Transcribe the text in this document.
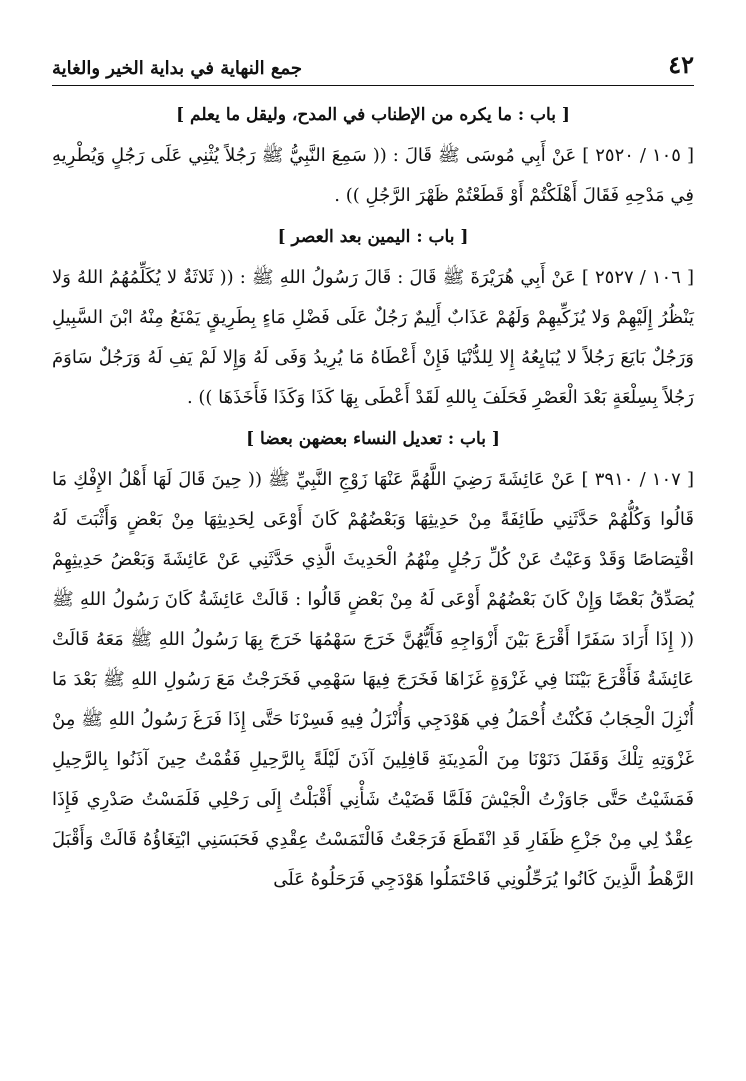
٤٢
جمع النهاية في بداية الخير والغاية
[ باب : ما يكره من الإطناب في المدح، وليقل ما يعلم ]

[ ١٠٥ / ٢٥٢٠ ] عَنْ أَبِي مُوسَى ﷺ قَالَ : (( سَمِعَ النَّبِيُّ ﷺ رَجُلاً يُثْنِي عَلَى رَجُلٍ وَيُطْرِيهِ فِي مَدْحِهِ فَقَالَ أَهْلَكْتُمْ أَوْ قَطَعْتُمْ ظَهْرَ الرَّجُلِ )) .

[ باب : اليمين بعد العصر ]

[ ١٠٦ / ٢٥٢٧ ] عَنْ أَبِي هُرَيْرَةَ ﷺ قَالَ : قَالَ رَسُولُ اللهِ ﷺ : (( ثَلاثَةٌ لا يُكَلِّمُهُمُ اللهُ وَلا يَنْظُرُ إِلَيْهِمْ وَلا يُزَكِّيهِمْ وَلَهُمْ عَذَابٌ أَلِيمٌ رَجُلٌ عَلَى فَضْلِ مَاءٍ بِطَرِيقٍ يَمْنَعُ مِنْهُ ابْنَ السَّبِيلِ وَرَجُلٌ بَايَعَ رَجُلاً لا يُبَايِعُهُ إِلا لِلدُّنْيَا فَإِنْ أَعْطَاهُ مَا يُرِيدُ وَفَى لَهُ وَإِلا لَمْ يَفِ لَهُ وَرَجُلٌ سَاوَمَ رَجُلاً بِسِلْعَةٍ بَعْدَ الْعَصْرِ فَحَلَفَ بِاللهِ لَقَدْ أَعْطَى بِهَا كَذَا وَكَذَا فَأَخَذَهَا )) .

[ باب : تعديل النساء بعضهن بعضا ]

[ ١٠٧ / ٣٩١٠ ] عَنْ عَائِشَةَ رَضِيَ اللَّهُمَّ عَنْهَا زَوْجِ النَّبِيِّ ﷺ (( حِينَ قَالَ لَهَا أَهْلُ الإِفْكِ مَا قَالُوا وَكُلُّهُمْ حَدَّثَنِي طَائِفَةً مِنْ حَدِيثِهَا وَبَعْضُهُمْ كَانَ أَوْعَى لِحَدِيثِهَا مِنْ بَعْضٍ وَأَثْبَتَ لَهُ اقْتِصَاصًا وَقَدْ وَعَيْتُ عَنْ كُلِّ رَجُلٍ مِنْهُمُ الْحَدِيثَ الَّذِي حَدَّثَنِي عَنْ عَائِشَةَ وَبَعْضُ حَدِيثِهِمْ يُصَدِّقُ بَعْضًا وَإِنْ كَانَ بَعْضُهُمْ أَوْعَى لَهُ مِنْ بَعْضٍ قَالُوا : قَالَتْ عَائِشَةُ كَانَ رَسُولُ اللهِ ﷺ (( إِذَا أَرَادَ سَفَرًا أَقْرَعَ بَيْنَ أَزْوَاجِهِ فَأَيُّهُنَّ خَرَجَ سَهْمُهَا خَرَجَ بِهَا رَسُولُ اللهِ ﷺ مَعَهُ قَالَتْ عَائِشَةُ فَأَقْرَعَ بَيْنَنَا فِي غَزْوَةٍ غَزَاهَا فَخَرَجَ فِيهَا سَهْمِي فَخَرَجْتُ مَعَ رَسُولِ اللهِ ﷺ بَعْدَ مَا أُنْزِلَ الْحِجَابُ فَكُنْتُ أُحْمَلُ فِي هَوْدَجِي وَأُنْزَلُ فِيهِ فَسِرْنَا حَتَّى إِذَا فَرَغَ رَسُولُ اللهِ ﷺ مِنْ غَزْوَتِهِ تِلْكَ وَقَفَلَ دَنَوْنَا مِنَ الْمَدِينَةِ قَافِلِينَ آذَنَ لَيْلَةً بِالرَّحِيلِ فَقُمْتُ حِينَ آذَنُوا بِالرَّحِيلِ فَمَشَيْتُ حَتَّى جَاوَزْتُ الْجَيْشَ فَلَمَّا قَضَيْتُ شَأْنِي أَقْبَلْتُ إِلَى رَحْلِي فَلَمَسْتُ صَدْرِي فَإِذَا عِقْدٌ لِي مِنْ جَزْعِ ظَفَارِ قَدِ انْقَطَعَ فَرَجَعْتُ فَالْتَمَسْتُ عِقْدِي فَحَبَسَنِي ابْتِغَاؤُهُ قَالَتْ وَأَقْبَلَ الرَّهْطُ الَّذِينَ كَانُوا يُرَحِّلُونِي فَاحْتَمَلُوا هَوْدَجِي فَرَحَلُوهُ عَلَى
